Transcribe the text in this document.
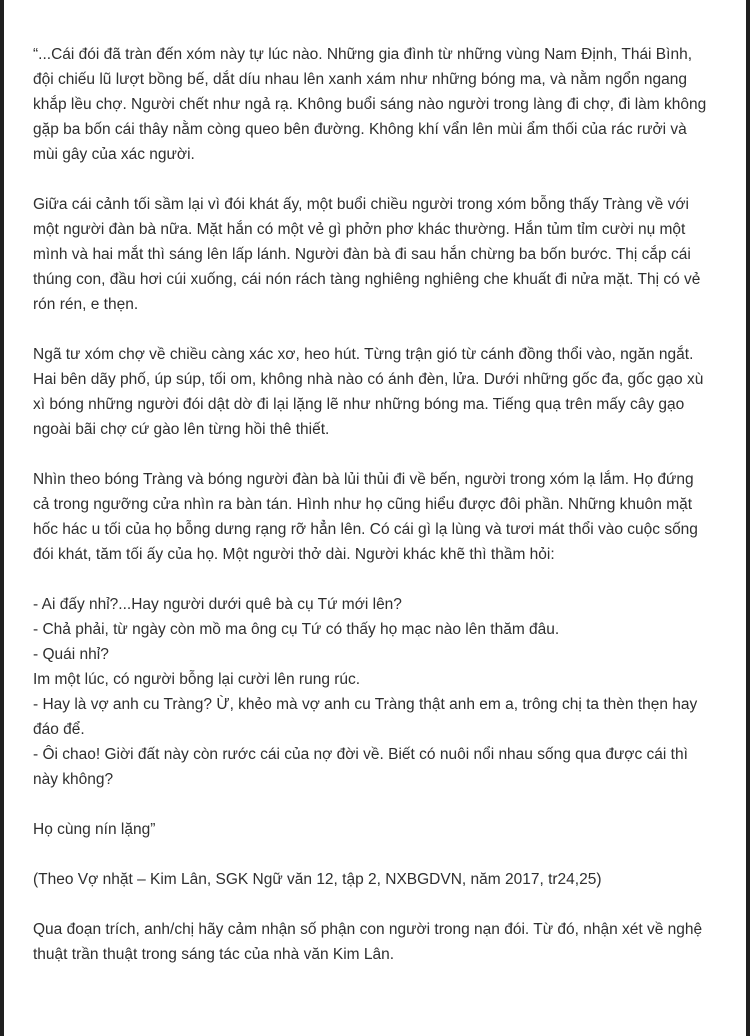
“...Cái đói đã tràn đến xóm này tự lúc nào. Những gia đình từ những vùng Nam Định, Thái Bình, đội chiếu lũ lượt bồng bế, dắt díu nhau lên xanh xám như những bóng ma, và nằm ngổn ngang khắp lều chợ. Người chết như ngả rạ. Không buổi sáng nào người trong làng đi chợ, đi làm không gặp ba bốn cái thây nằm còng queo bên đường. Không khí vẩn lên mùi ẩm thối của rác rưởi và mùi gây của xác người.

Giữa cái cảnh tối sầm lại vì đói khát ấy, một buổi chiều người trong xóm bỗng thấy Tràng về với một người đàn bà nữa. Mặt hắn có một vẻ gì phởn phơ khác thường. Hắn tủm tỉm cười nụ một mình và hai mắt thì sáng lên lấp lánh. Người đàn bà đi sau hắn chừng ba bốn bước. Thị cắp cái thúng con, đầu hơi cúi xuống, cái nón rách tàng nghiêng nghiêng che khuất đi nửa mặt. Thị có vẻ rón rén, e thẹn.

Ngã tư xóm chợ về chiều càng xác xơ, heo hút. Từng trận gió từ cánh đồng thổi vào, ngăn ngắt. Hai bên dãy phố, úp súp, tối om, không nhà nào có ánh đèn, lửa. Dưới những gốc đa, gốc gạo xù xì bóng những người đói dật dờ đi lại lặng lẽ như những bóng ma. Tiếng quạ trên mấy cây gạo ngoài bãi chợ cứ gào lên từng hồi thê thiết.

Nhìn theo bóng Tràng và bóng người đàn bà lủi thủi đi về bến, người trong xóm lạ lắm. Họ đứng cả trong ngưỡng cửa nhìn ra bàn tán. Hình như họ cũng hiểu được đôi phần. Những khuôn mặt hốc hác u tối của họ bỗng dưng rạng rỡ hẳn lên. Có cái gì lạ lùng và tươi mát thổi vào cuộc sống đói khát, tăm tối ấy của họ. Một người thở dài. Người khác khẽ thì thầm hỏi:

- Ai đấy nhỉ?...Hay người dưới quê bà cụ Tứ mới lên?
- Chả phải, từ ngày còn mồ ma ông cụ Tứ có thấy họ mạc nào lên thăm đâu.
- Quái nhỉ?
Im một lúc, có người bỗng lại cười lên rung rúc.
- Hay là vợ anh cu Tràng? Ừ, khẻo mà vợ anh cu Tràng thật anh em a, trông chị ta thèn thẹn hay đáo để.
- Ôi chao! Giời đất này còn rước cái của nợ đời về. Biết có nuôi nổi nhau sống qua được cái thì này không?

Họ cùng nín lặng”

(Theo Vợ nhặt – Kim Lân, SGK Ngữ văn 12, tập 2, NXBGDVN, năm 2017, tr24,25)

Qua đoạn trích, anh/chị hãy cảm nhận số phận con người trong nạn đói. Từ đó, nhận xét về nghệ thuật trần thuật trong sáng tác của nhà văn Kim Lân.
